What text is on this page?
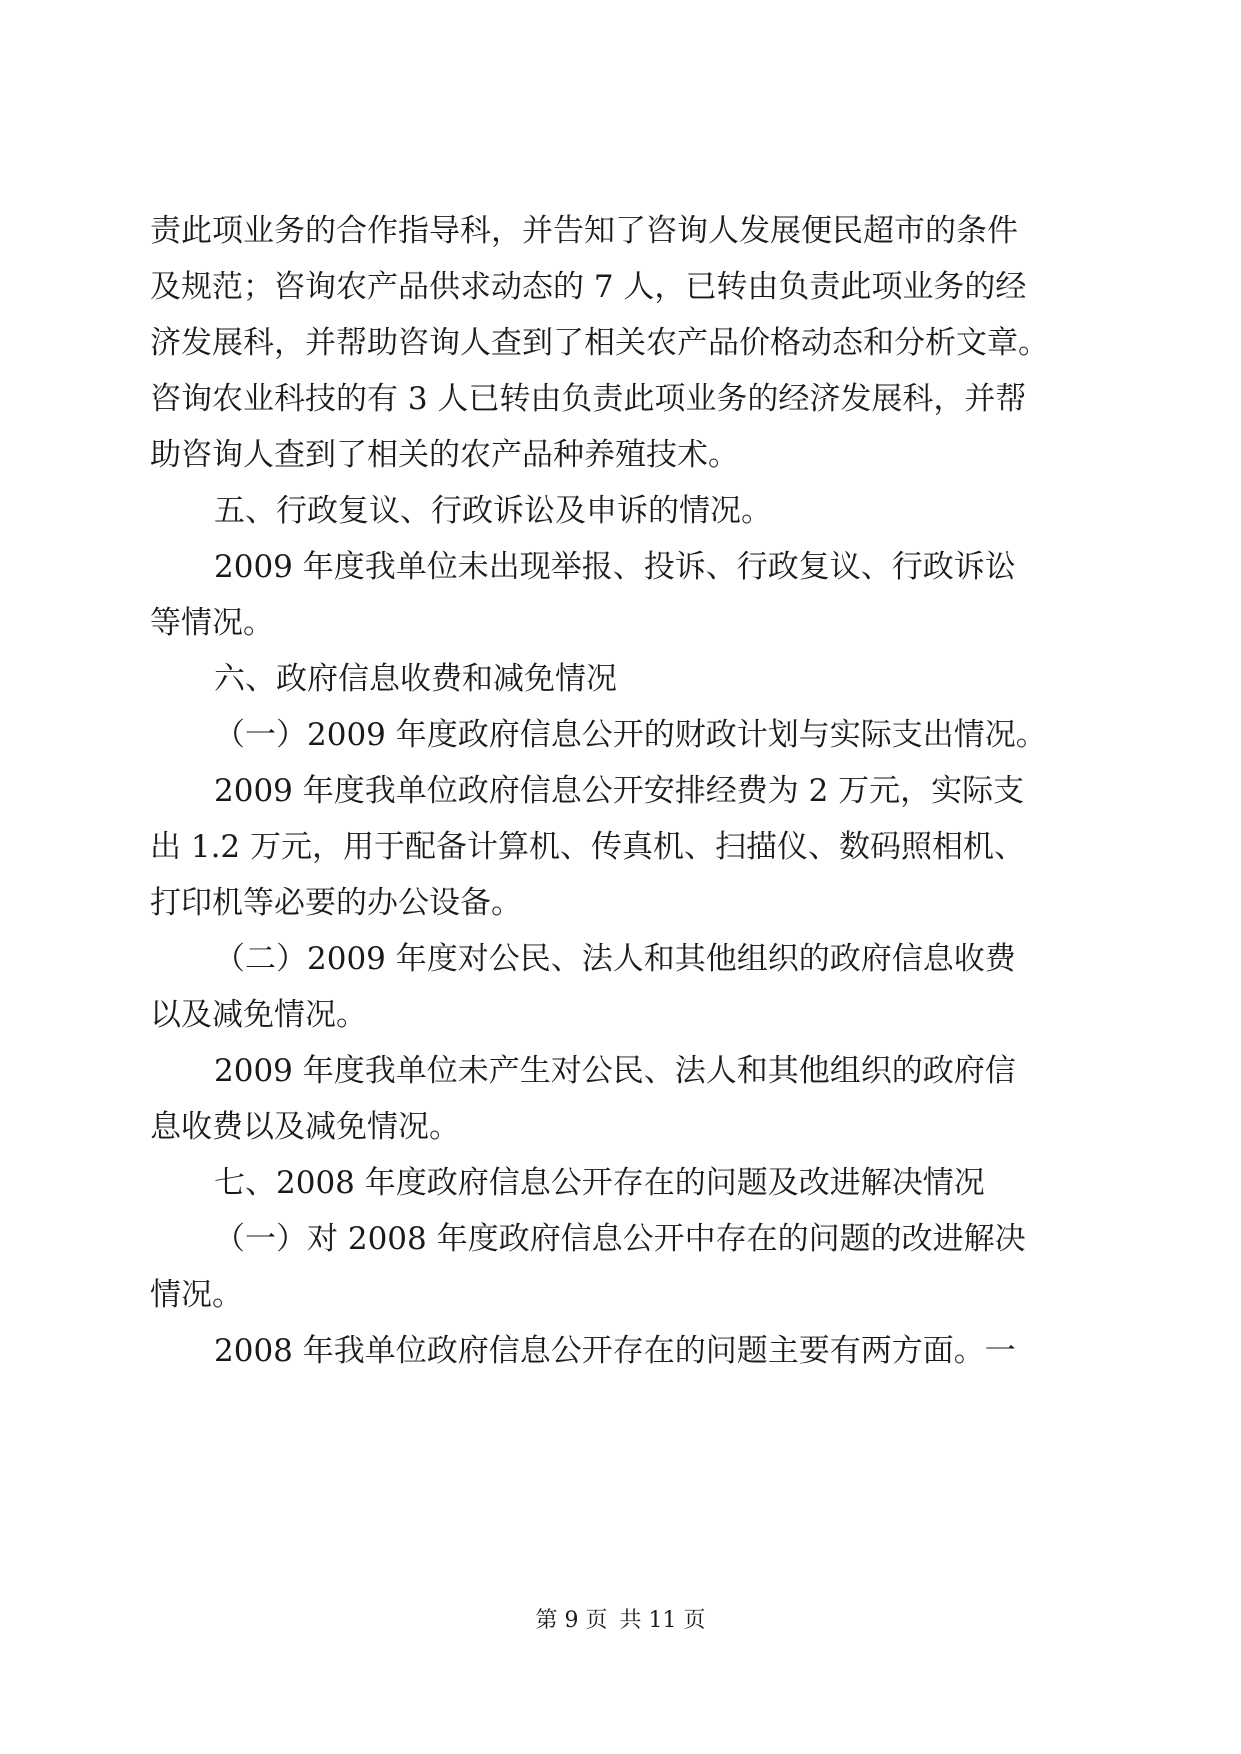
责此项业务的合作指导科，并告知了咨询人发展便民超市的条件
及规范；咨询农产品供求动态的 7 人，已转由负责此项业务的经
济发展科，并帮助咨询人查到了相关农产品价格动态和分析文章。
咨询农业科技的有 3 人已转由负责此项业务的经济发展科，并帮
助咨询人查到了相关的农产品种养殖技术。
五、行政复议、行政诉讼及申诉的情况。
2009 年度我单位未出现举报、投诉、行政复议、行政诉讼
等情况。
六、政府信息收费和减免情况
（一）2009 年度政府信息公开的财政计划与实际支出情况。
2009 年度我单位政府信息公开安排经费为 2 万元，实际支
出 1.2 万元，用于配备计算机、传真机、扫描仪、数码照相机、
打印机等必要的办公设备。
（二）2009 年度对公民、法人和其他组织的政府信息收费
以及减免情况。
2009 年度我单位未产生对公民、法人和其他组织的政府信
息收费以及减免情况。
七、2008 年度政府信息公开存在的问题及改进解决情况
（一）对 2008 年度政府信息公开中存在的问题的改进解决
情况。
2008 年我单位政府信息公开存在的问题主要有两方面。一
第 9 页 共 11 页
